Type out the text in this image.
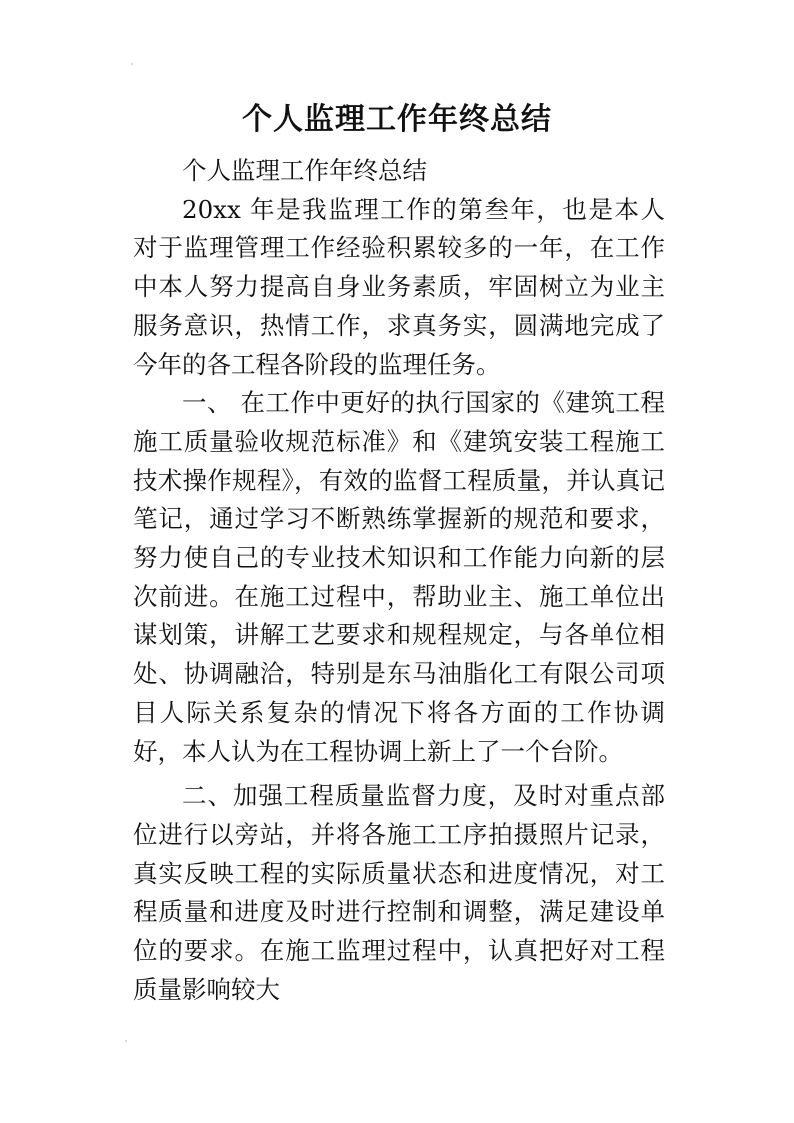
个人监理工作年终总结

个人监理工作年终总结

20xx 年是我监理工作的第叁年，也是本人对于监理管理工作经验积累较多的一年，在工作中本人努力提高自身业务素质，牢固树立为业主服务意识，热情工作，求真务实，圆满地完成了今年的各工程各阶段的监理任务。

一、 在工作中更好的执行国家的《建筑工程施工质量验收规范标准》和《建筑安装工程施工技术操作规程》，有效的监督工程质量，并认真记笔记，通过学习不断熟练掌握新的规范和要求，努力使自己的专业技术知识和工作能力向新的层次前进。在施工过程中，帮助业主、施工单位出谋划策，讲解工艺要求和规程规定，与各单位相处、协调融洽，特别是东马油脂化工有限公司项目人际关系复杂的情况下将各方面的工作协调好，本人认为在工程协调上新上了一个台阶。

二、加强工程质量监督力度，及时对重点部位进行以旁站，并将各施工工序拍摄照片记录，真实反映工程的实际质量状态和进度情况，对工程质量和进度及时进行控制和调整，满足建设单位的要求。在施工监理过程中，认真把好对工程质量影响较大
